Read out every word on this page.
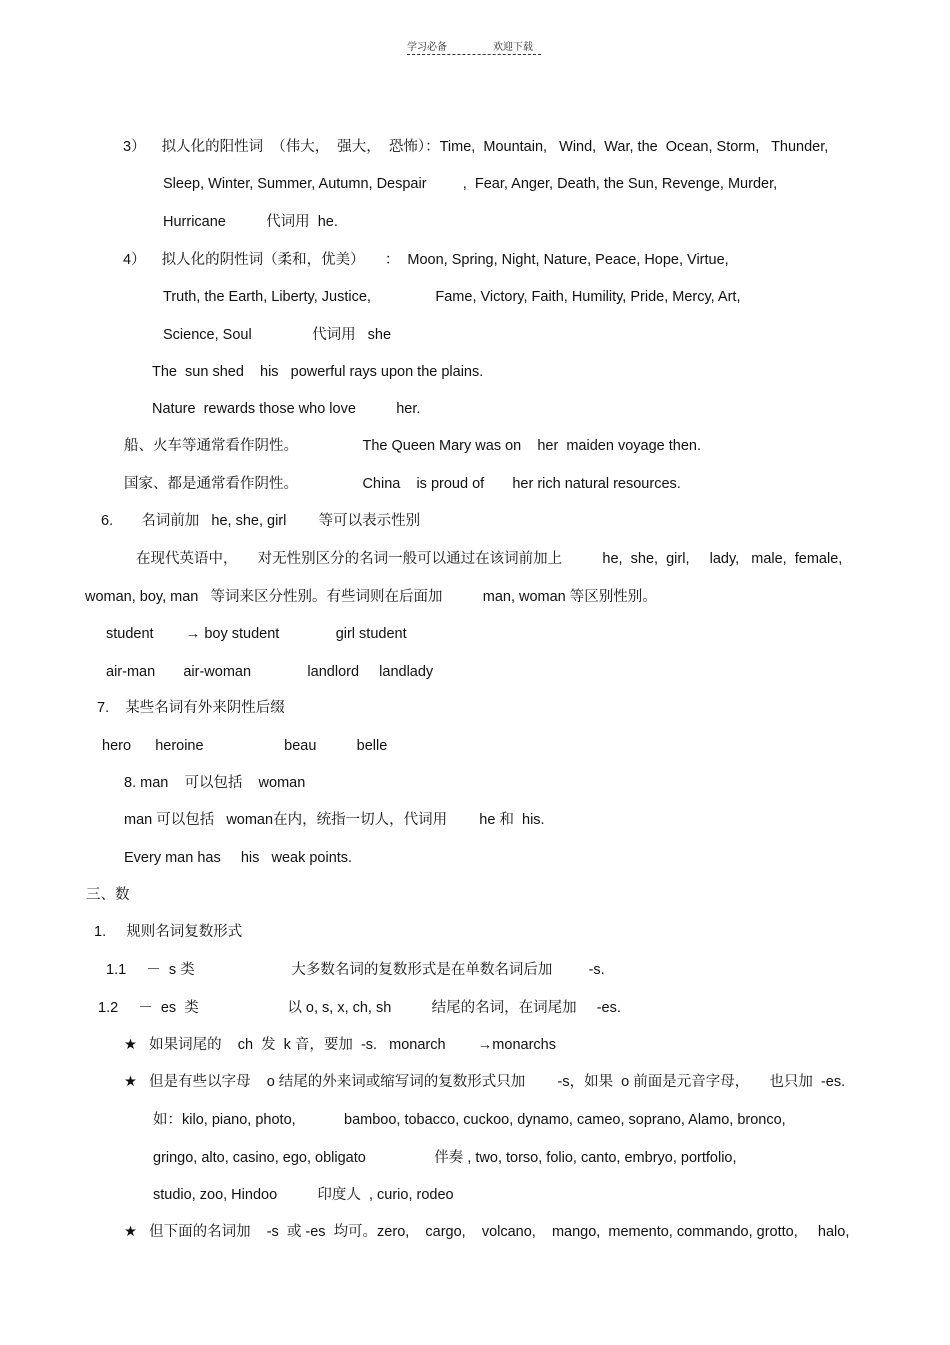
学习必备	欢迎下载
3）    拟人化的阳性词  （伟大，  强大，  恐怖）：Time,  Mountain,   Wind,  War, the  Ocean, Storm,   Thunder,
Sleep, Winter, Summer, Autumn, Despair         ,  Fear, Anger, Death, the Sun, Revenge, Murder,
Hurricane          代词用  he.
4）    拟人化的阴性词（柔和，优美）     ：  Moon, Spring, Night, Nature, Peace, Hope, Virtue,
Truth, the Earth, Liberty, Justice,                Fame, Victory, Faith, Humility, Pride, Mercy, Art,
Science, Soul               代词用   she
The  sun shed    his   powerful rays upon the plains.
Nature  rewards those who love          her.
船、火车等通常看作阴性。                The Queen Mary was on    her  maiden voyage then.
国家、都是通常看作阴性。                China    is proud of       her rich natural resources.
6.       名词前加   he, she, girl        等可以表示性别
在现代英语中，     对无性别区分的名词一般可以通过在该词前加上          he,  she,  girl,     lady,   male,  female,
woman, boy, man   等词来区分性别。有些词则在后面加          man, woman 等区别性别。
student        → boy student              girl student
air-man       air-woman              landlord     landlady
7.    某些名词有外来阴性后缀
hero      heroine                    beau          belle
8. man    可以包括    woman
man 可以包括   woman在内，统指一切人，代词用        he 和  his.
Every man has     his   weak points.
三、数
1.     规则名词复数形式
1.1     －  s 类                        大多数名词的复数形式是在单数名词后加         -s.
1.2     －  es  类                      以 o, s, x, ch, sh          结尾的名词，在词尾加     -es.
★   如果词尾的    ch  发  k 音，要加  -s.   monarch        →monarchs
★   但是有些以字母    o 结尾的外来词或缩写词的复数形式只加        -s，如果  o 前面是元音字母，     也只加  -es.
如：kilo, piano, photo,            bamboo, tobacco, cuckoo, dynamo, cameo, soprano, Alamo, bronco,
gringo, alto, casino, ego, obligato                 伴奏 , two, torso, folio, canto, embryo, portfolio,
studio, zoo, Hindoo          印度人  , curio, rodeo
★   但下面的名词加    -s  或 -es  均可。zero,    cargo,    volcano,    mango,  memento, commando, grotto,     halo,
